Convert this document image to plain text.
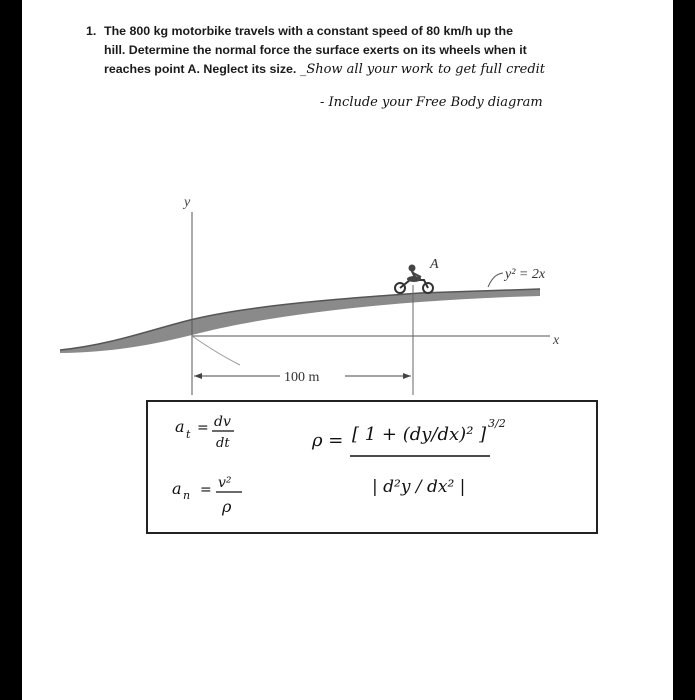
1. The 800 kg motorbike travels with a constant speed of 80 km/h up the
hill. Determine the normal force the surface exerts on its wheels when it
reaches point A. Neglect its size. _Show all your work to get full credit
- Include your Free Body diagram
y
x
A
y² = 2x
100 m
a t = dv
dt
a n = v²
ρ
ρ = [ 1 + (dy/dx)² ]
3/2
| d²y / dx² |
